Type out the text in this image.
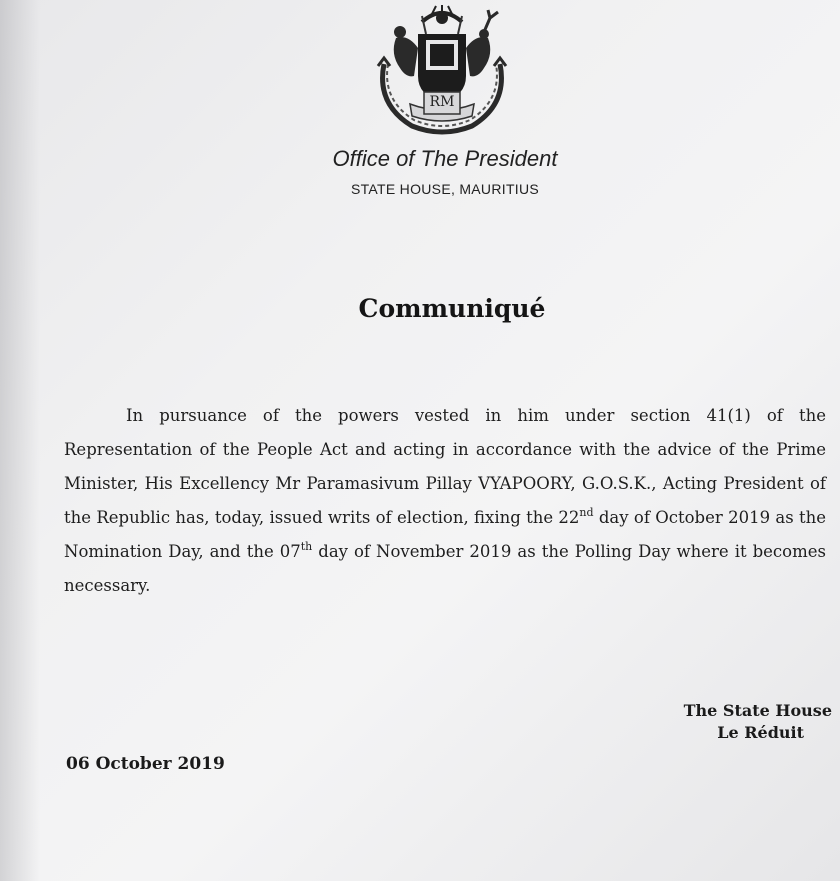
RM
Office of The President
STATE HOUSE, MAURITIUS
Communiqué

In pursuance of the powers vested in him under section 41(1) of the Representation of the People Act and acting in accordance with the advice of the Prime Minister, His Excellency Mr Paramasivum Pillay VYAPOORY, G.O.S.K., Acting President of the Republic has, today, issued writs of election, fixing the 22nd day of October 2019 as the Nomination Day, and the 07th day of November 2019 as the Polling Day where it becomes necessary.

The State House
Le Réduit
06 October 2019
